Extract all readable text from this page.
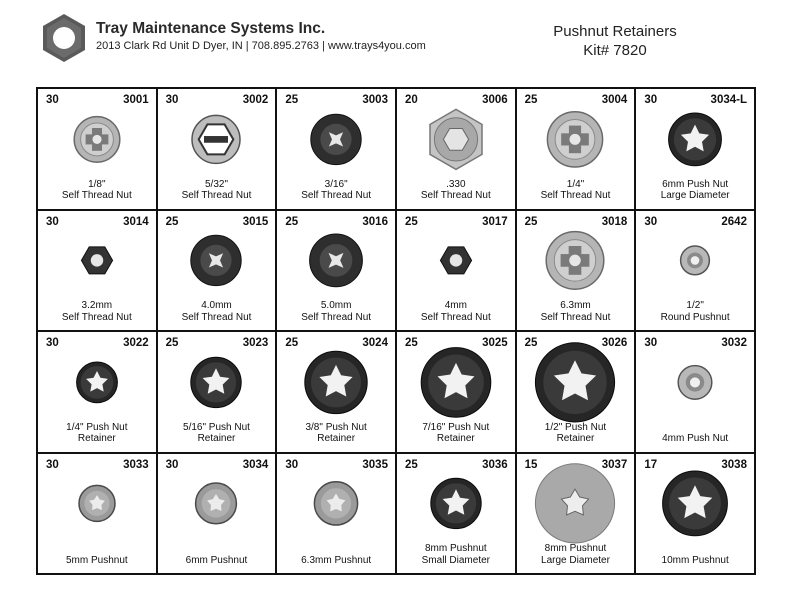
Tray Maintenance Systems Inc.
2013 Clark Rd Unit D Dyer, IN | 708.895.2763 | www.trays4you.com
Pushnut Retainers
Kit# 7820
30	3001
1/8"
Self Thread Nut
30	3002
5/32"
Self Thread Nut
25	3003
3/16"
Self Thread Nut
20	3006
.330
Self Thread Nut
25	3004
1/4"
Self Thread Nut
30	3034-L
6mm Push Nut
Large Diameter
30	3014
3.2mm
Self Thread Nut
25	3015
4.0mm
Self Thread Nut
25	3016
5.0mm
Self Thread Nut
25	3017
4mm
Self Thread Nut
25	3018
6.3mm
Self Thread Nut
30	2642
1/2"
Round Pushnut
30	3022
1/4" Push Nut
Retainer
25	3023
5/16" Push Nut
Retainer
25	3024
3/8" Push Nut
Retainer
25	3025
7/16" Push Nut
Retainer
25	3026
1/2" Push Nut
Retainer
30	3032
4mm Push Nut
30	3033
5mm Pushnut
30	3034
6mm Pushnut
30	3035
6.3mm Pushnut
25	3036
8mm Pushnut
Small Diameter
15	3037
8mm Pushnut
Large Diameter
17	3038
10mm Pushnut
